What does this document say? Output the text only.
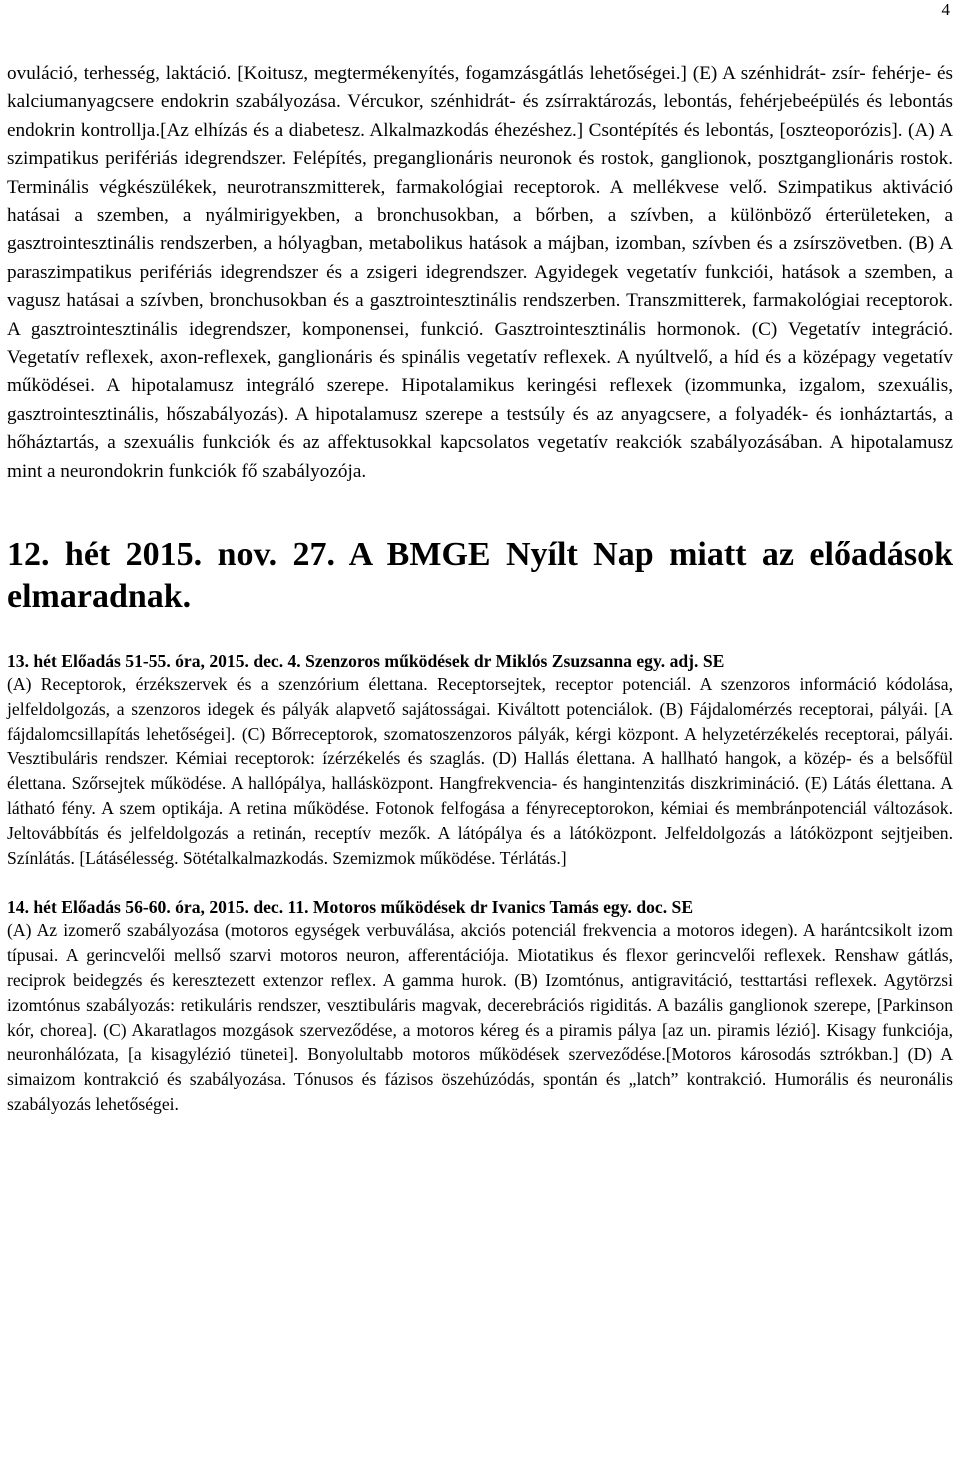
4

ovuláció, terhesség, laktáció. [Koitusz, megtermékenyítés, fogamzásgátlás lehetőségei.] (E) A szénhidrát- zsír- fehérje- és kalciumanyagcsere endokrin szabályozása. Vércukor, szénhidrát- és zsírraktározás, lebontás, fehérjebeépülés és lebontás endokrin kontrollja.[Az elhízás és a diabetesz. Alkalmazkodás éhezéshez.] Csontépítés és lebontás, [oszteoporózis]. (A) A szimpatikus perifériás idegrendszer. Felépítés, preganglionáris neuronok és rostok, ganglionok, posztganglionáris rostok. Terminális végkészülékek, neurotranszmitterek, farmakológiai receptorok. A mellékvese velő. Szimpatikus aktiváció hatásai a szemben, a nyálmirigyekben, a bronchusokban, a bőrben, a szívben, a különböző érterületeken, a gasztrointesztinális rendszerben, a hólyagban, metabolikus hatások a májban, izomban, szívben és a zsírszövetben. (B) A paraszimpatikus perifériás idegrendszer és a zsigeri idegrendszer. Agyidegek vegetatív funkciói, hatások a szemben, a vagusz hatásai a szívben, bronchusokban és a gasztrointesztinális rendszerben. Transzmitterek, farmakológiai receptorok. A gasztrointesztinális idegrendszer, komponensei, funkció. Gasztrointesztinális hormonok. (C) Vegetatív integráció. Vegetatív reflexek, axon-reflexek, ganglionáris és spinális vegetatív reflexek. A nyúltvelő, a híd és a középagy vegetatív működései. A hipotalamusz integráló szerepe. Hipotalamikus keringési reflexek (izommunka, izgalom, szexuális, gasztrointesztinális, hőszabályozás). A hipotalamusz szerepe a testsúly és az anyagcsere, a folyadék- és ionháztartás, a hőháztartás, a szexuális funkciók és az affektusokkal kapcsolatos vegetatív reakciók szabályozásában. A hipotalamusz mint a neurondokrin funkciók fő szabályozója.

12. hét 2015. nov. 27. A BMGE Nyílt Nap miatt az előadások elmaradnak.
13. hét Előadás 51-55. óra, 2015. dec. 4. Szenzoros működések dr Miklós Zsuzsanna egy. adj. SE

(A) Receptorok, érzékszervek és a szenzórium élettana. Receptorsejtek, receptor potenciál. A szenzoros információ kódolása, jelfeldolgozás, a szenzoros idegek és pályák alapvető sajátosságai. Kiváltott potenciálok. (B) Fájdalomérzés receptorai, pályái. [A fájdalomcsillapítás lehetőségei]. (C) Bőrreceptorok, szomatoszenzoros pályák, kérgi központ. A helyzetérzékelés receptorai, pályái. Vesztibuláris rendszer. Kémiai receptorok: ízérzékelés és szaglás. (D) Hallás élettana. A hallható hangok, a közép- és a belsőfül élettana. Szőrsejtek működése. A hallópálya, hallásközpont. Hangfrekvencia- és hangintenzitás diszkrimináció. (E) Látás élettana. A látható fény. A szem optikája. A retina működése. Fotonok felfogása a fényreceptorokon, kémiai és membránpotenciál változások. Jeltovábbítás és jelfeldolgozás a retinán, receptív mezők. A látópálya és a látóközpont. Jelfeldolgozás a látóközpont sejtjeiben. Színlátás. [Látásélesség. Sötétalkalmazkodás. Szemizmok működése. Térlátás.]

14. hét Előadás 56-60. óra, 2015. dec. 11. Motoros működések dr Ivanics Tamás egy. doc. SE

(A) Az izomerő szabályozása (motoros egységek verbuválása, akciós potenciál frekvencia a motoros idegen). A harántcsikolt izom típusai. A gerincvelői mellső szarvi motoros neuron, afferentációja. Miotatikus és flexor gerincvelői reflexek. Renshaw gátlás, reciprok beidegzés és keresztezett extenzor reflex. A gamma hurok. (B) Izomtónus, antigravitáció, testtartási reflexek. Agytörzsi izomtónus szabályozás: retikuláris rendszer, vesztibuláris magvak, decerebrációs rigiditás. A bazális ganglionok szerepe, [Parkinson kór, chorea]. (C) Akaratlagos mozgások szerveződése, a motoros kéreg és a piramis pálya [az un. piramis lézió]. Kisagy funkciója, neuronhálózata, [a kisagylézió tünetei]. Bonyolultabb motoros működések szerveződése.[Motoros károsodás sztrókban.] (D) A simaizom kontrakció és szabályozása. Tónusos és fázisos öszehúzódás, spontán és „latch” kontrakció. Humorális és neuronális szabályozás lehetőségei.
